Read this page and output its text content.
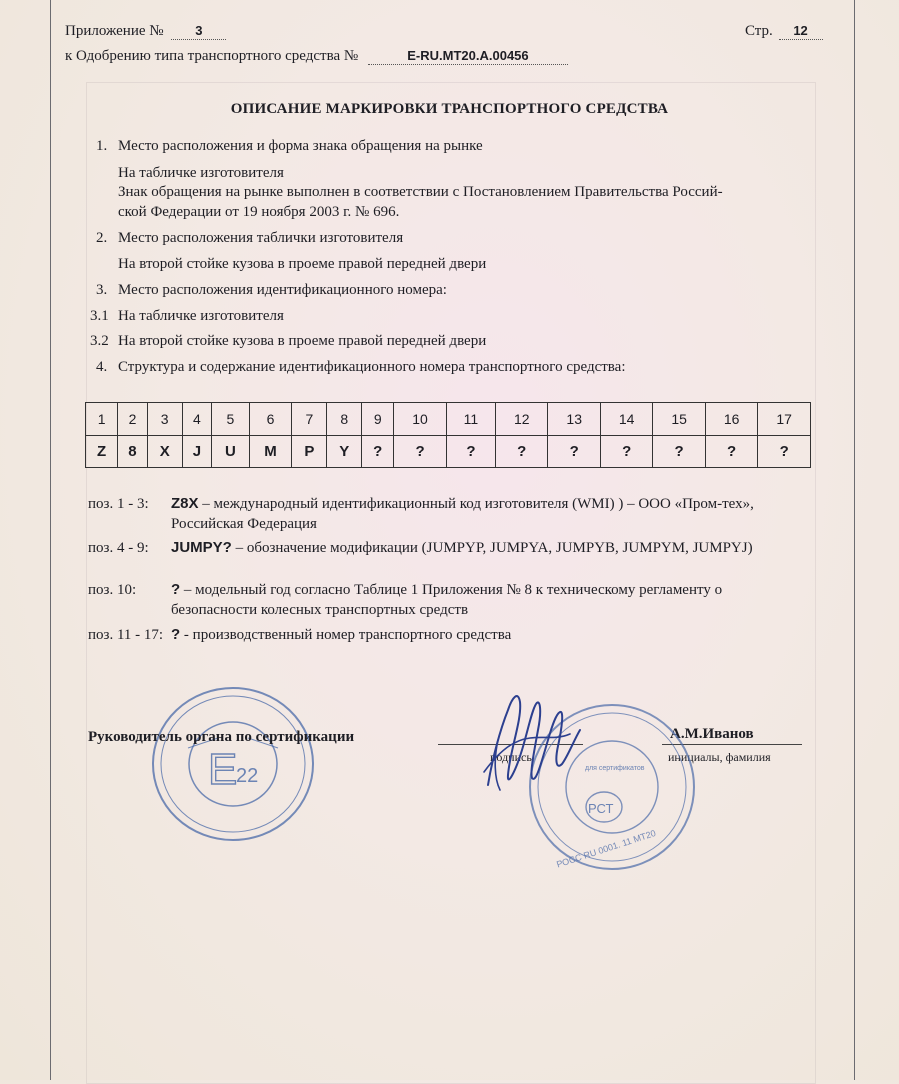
Приложение № 3	Стр. 12
к Одобрению типа транспортного средства №	E-RU.MT20.A.00456
ОПИСАНИЕ МАРКИРОВКИ ТРАНСПОРТНОГО СРЕДСТВА
1. Место расположения и форма знака обращения на рынке
На табличке изготовителя
Знак обращения на рынке выполнен в соответствии с Постановлением Правительства Россий-
ской Федерации от 19 ноября 2003 г. № 696.
2. Место расположения таблички изготовителя
На второй стойке кузова в проеме правой передней двери
3. Место расположения идентификационного номера:
3.1 На табличке изготовителя
3.2 На второй стойке кузова в проеме правой передней двери
4. Структура и содержание идентификационного номера транспортного средства:
1	2	3	4	5	6	7	8	9	10	11	12	13	14	15	16	17
Z	8	X	J	U	M	P	Y	?	?	?	?	?	?	?	?	?
поз. 1 - 3: Z8X – международный идентификационный код изготовителя (WMI) ) – ООО «Пром-тех», Российская Федерация
поз. 4 - 9: JUMPY? – обозначение модификации (JUMPYP, JUMPYA, JUMPYB, JUMPYM, JUMPYJ)
поз. 10: ? – модельный год согласно Таблице 1 Приложения № 8 к техническому регламенту о безопасности колесных транспортных средств
поз. 11 - 17: ? - производственный номер транспортного средства
E
22
Руководитель органа по сертификации
подпись
А.М.Иванов
инициалы, фамилия
РСТ
для сертификатов
РОСС RU 0001. 11 МТ20
